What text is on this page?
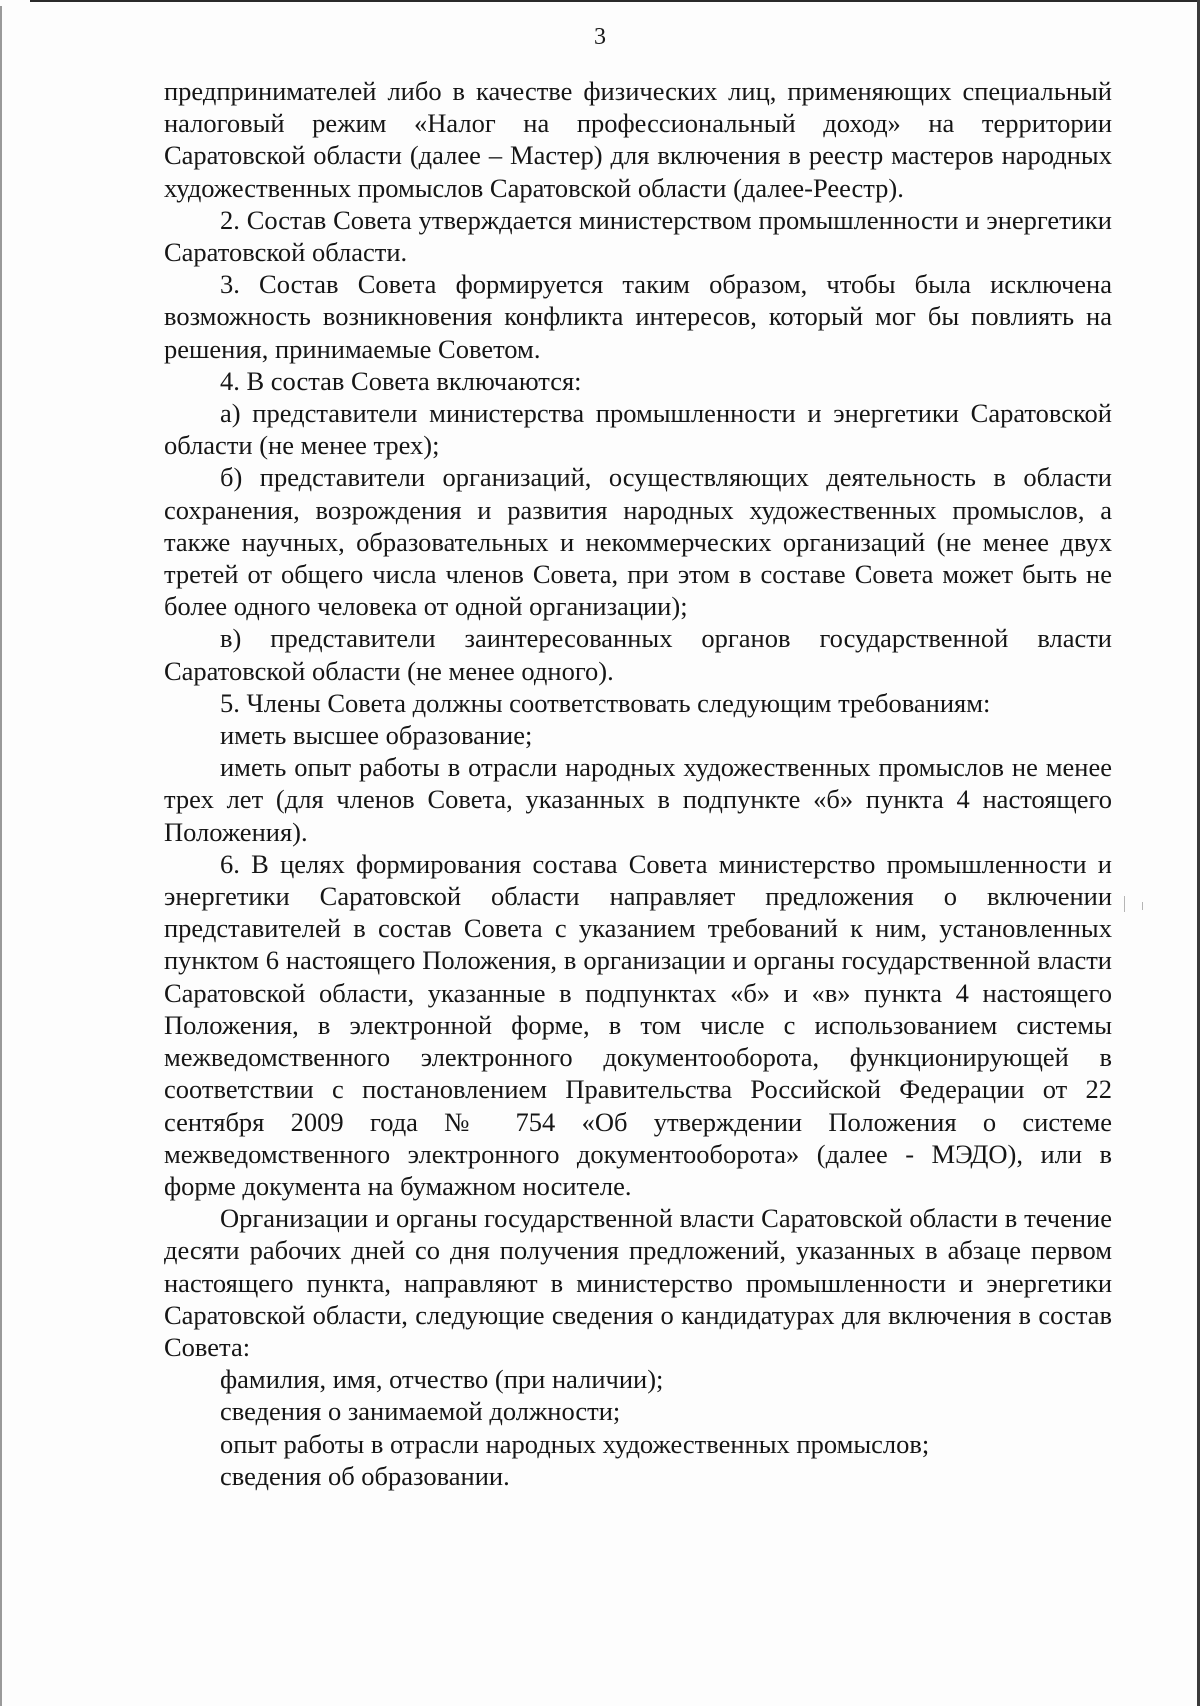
3

предпринимателей либо в качестве физических лиц, применяющих специальный налоговый режим «Налог на профессиональный доход» на территории Саратовской области (далее – Мастер) для включения в реестр мастеров народных художественных промыслов Саратовской области (далее-Реестр).

2. Состав Совета утверждается министерством промышленности и энергетики Саратовской области.

3. Состав Совета формируется таким образом, чтобы была исключена возможность возникновения конфликта интересов, который мог бы повлиять на решения, принимаемые Советом.

4. В состав Совета включаются:

а) представители министерства промышленности и энергетики Саратовской области (не менее трех);

б) представители организаций, осуществляющих деятельность в области сохранения, возрождения и развития народных художественных промыслов, а также научных, образовательных и некоммерческих организаций (не менее двух третей от общего числа членов Совета, при этом в составе Совета может быть не более одного человека от одной организации);

в) представители заинтересованных органов государственной власти Саратовской области (не менее одного).

5. Члены Совета должны соответствовать следующим требованиям:

иметь высшее образование;

иметь опыт работы в отрасли народных художественных промыслов не менее трех лет (для членов Совета, указанных в подпункте «б» пункта 4 настоящего Положения).

6. В целях формирования состава Совета министерство промышленности и энергетики Саратовской области направляет предложения о включении представителей в состав Совета с указанием требований к ним, установленных пунктом 6 настоящего Положения, в организации и органы государственной власти Саратовской области, указанные в подпунктах «б» и «в» пункта 4 настоящего Положения, в электронной форме, в том числе с использованием системы межведомственного электронного документооборота, функционирующей в соответствии с постановлением Правительства Российской Федерации от 22 сентября 2009 года № 754 «Об утверждении Положения о системе межведомственного электронного документооборота» (далее - МЭДО), или в форме документа на бумажном носителе.

Организации и органы государственной власти Саратовской области в течение десяти рабочих дней со дня получения предложений, указанных в абзаце первом настоящего пункта, направляют в министерство промышленности и энергетики Саратовской области, следующие сведения о кандидатурах для включения в состав Совета:

фамилия, имя, отчество (при наличии);

сведения о занимаемой должности;

опыт работы в отрасли народных художественных промыслов;

сведения об образовании.
